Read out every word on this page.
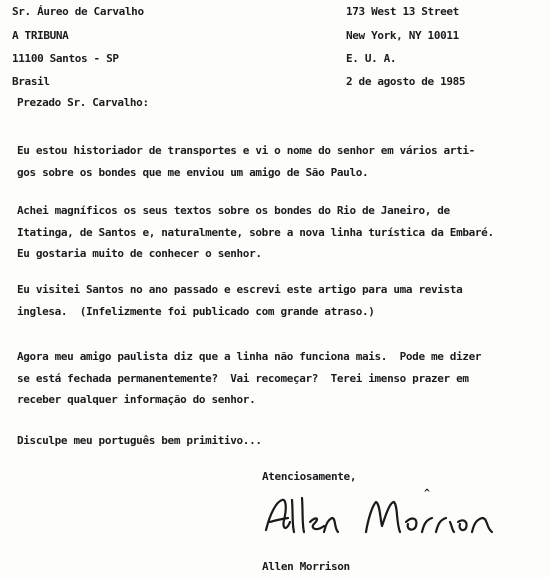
Sr. Áureo de Carvalho

A TRIBUNA

11100 Santos - SP

Brasil

173 West 13 Street

New York, NY 10011

E. U. A.

2 de agosto de 1985

Prezado Sr. Carvalho:

Eu estou historiador de transportes e vi o nome do senhor em vários arti-

gos sobre os bondes que me enviou um amigo de São Paulo.

Achei magníficos os seus textos sobre os bondes do Rio de Janeiro, de

Itatinga, de Santos e, naturalmente, sobre a nova linha turística da Embaré.

Eu gostaria muito de conhecer o senhor.

Eu visitei Santos no ano passado e escrevi este artigo para uma revista

inglesa.  (Infelizmente foi publicado com grande atraso.)

Agora meu amigo paulista diz que a linha não funciona mais.  Pode me dizer

se está fechada permanentemente?  Vai recomeçar?  Terei imenso prazer em

receber qualquer informação do senhor.

Disculpe meu português bem primitivo...

Atenciosamente,

^

Allen Morrison
